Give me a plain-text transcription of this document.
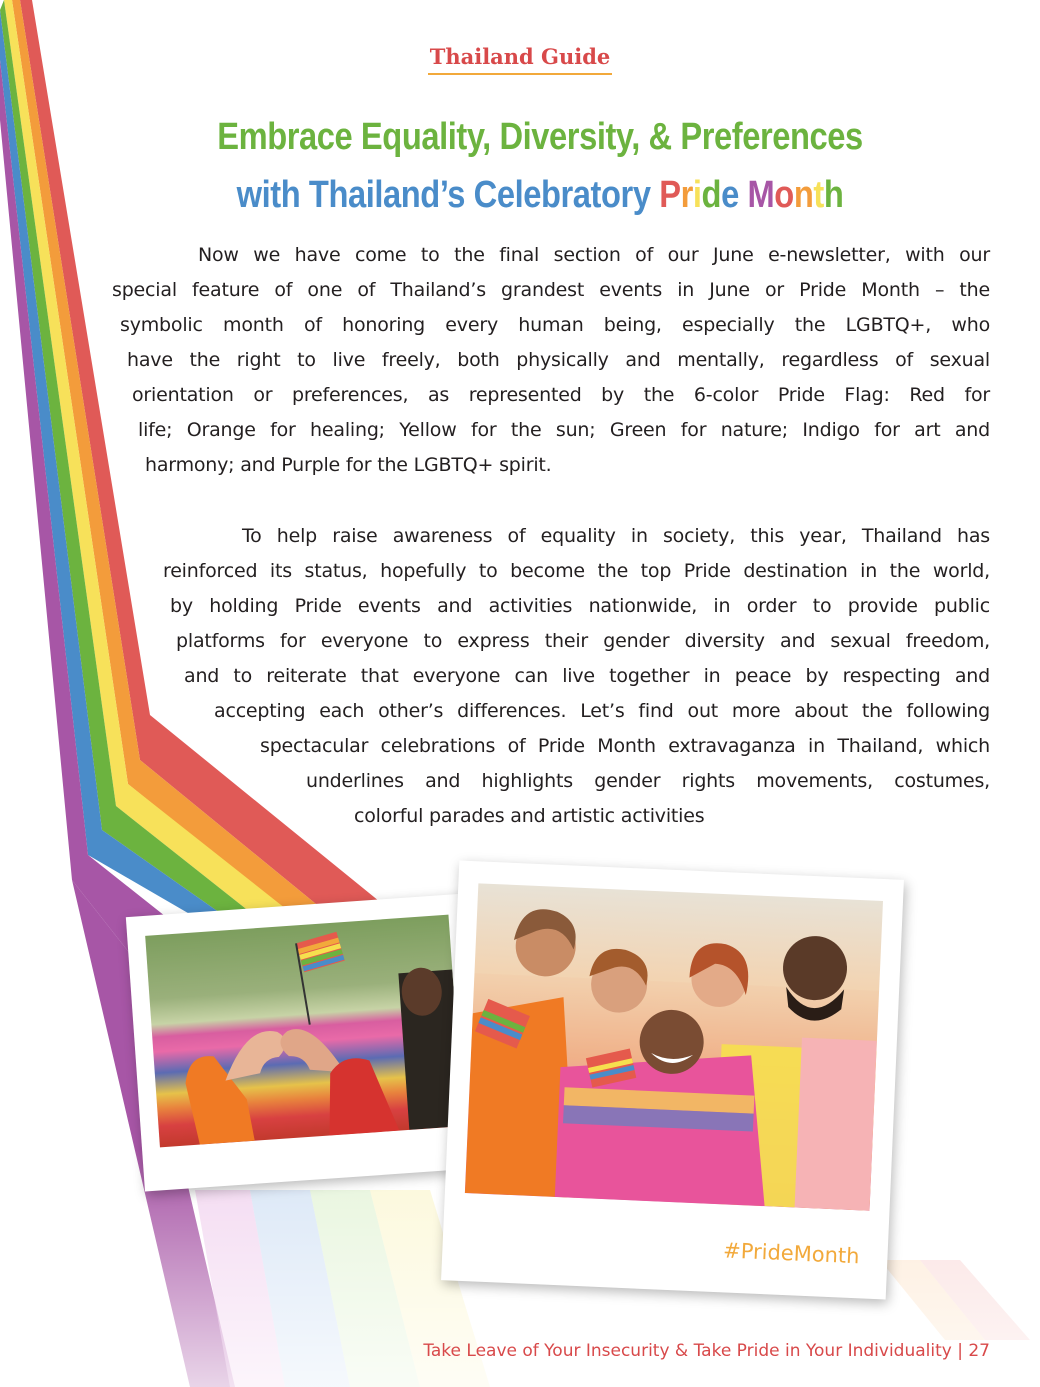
Thailand Guide
Embrace Equality, Diversity, & Preferences
with Thailand’s Celebratory Pride Month
Now we have come to the final section of our June e-newsletter, with our
special feature of one of Thailand’s grandest events in June or Pride Month – the
symbolic month of honoring every human being, especially the LGBTQ+, who
have the right to live freely, both physically and mentally, regardless of sexual
orientation or preferences, as represented by the 6-color Pride Flag: Red for
life; Orange for healing; Yellow for the sun; Green for nature; Indigo for art and
harmony; and Purple for the LGBTQ+ spirit.
To help raise awareness of equality in society, this year, Thailand has
reinforced its status, hopefully to become the top Pride destination in the world,
by holding Pride events and activities nationwide, in order to provide public
platforms for everyone to express their gender diversity and sexual freedom,
and to reiterate that everyone can live together in peace by respecting and
accepting each other’s differences. Let’s find out more about the following
spectacular celebrations of Pride Month extravaganza in Thailand, which
underlines and highlights gender rights movements, costumes,
colorful parades and artistic activities
#PrideMonth
Take Leave of Your Insecurity & Take Pride in Your Individuality | 27
